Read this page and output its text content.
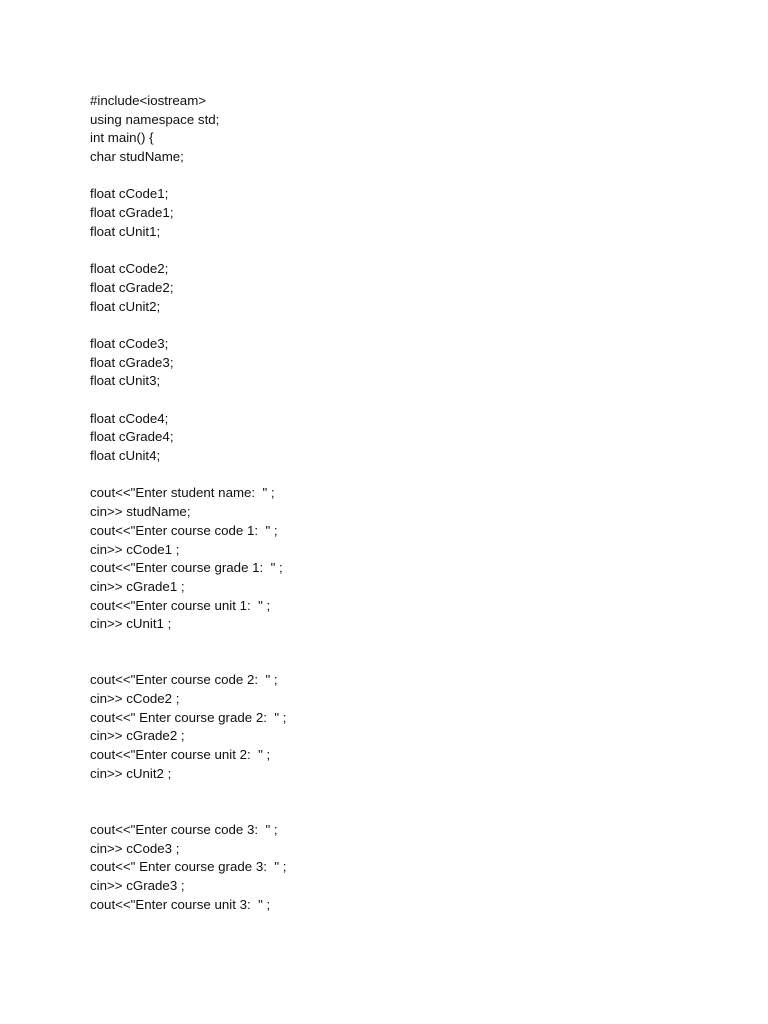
#include<iostream>
using namespace std;
int main() {
char studName;
float cCode1;
float cGrade1;
float cUnit1;
float cCode2;
float cGrade2;
float cUnit2;
float cCode3;
float cGrade3;
float cUnit3;
float cCode4;
float cGrade4;
float cUnit4;
cout<<"Enter student name:  " ;
cin>> studName;
cout<<"Enter course code 1:  " ;
cin>> cCode1 ;
cout<<"Enter course grade 1:  " ;
cin>> cGrade1 ;
cout<<"Enter course unit 1:  " ;
cin>> cUnit1 ;
cout<<"Enter course code 2:  " ;
cin>> cCode2 ;
cout<<" Enter course grade 2:  " ;
cin>> cGrade2 ;
cout<<"Enter course unit 2:  " ;
cin>> cUnit2 ;
cout<<"Enter course code 3:  " ;
cin>> cCode3 ;
cout<<" Enter course grade 3:  " ;
cin>> cGrade3 ;
cout<<"Enter course unit 3:  " ;
